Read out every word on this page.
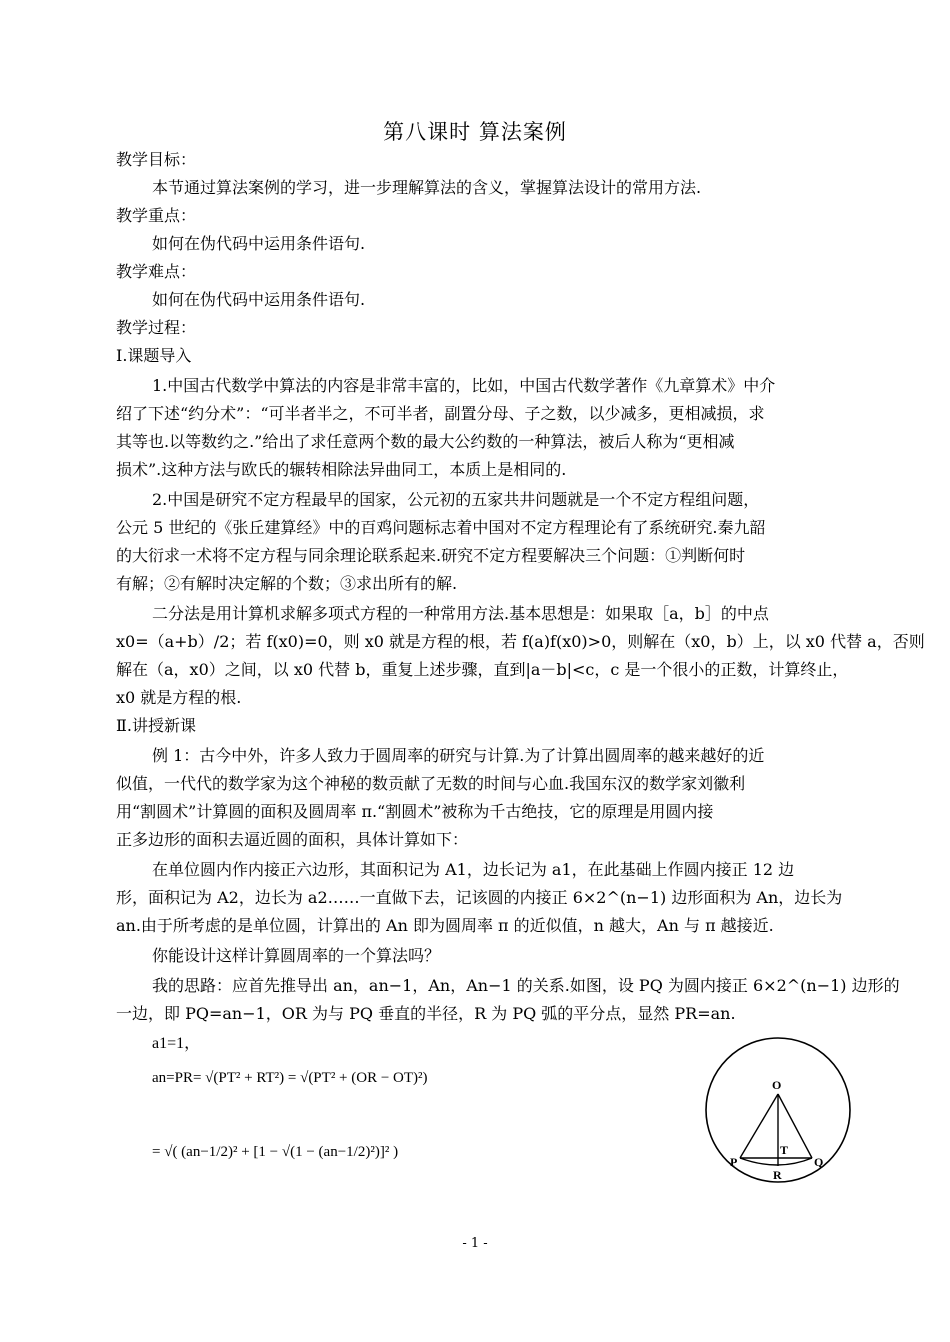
第八课时 算法案例
教学目标：
本节通过算法案例的学习，进一步理解算法的含义，掌握算法设计的常用方法.
教学重点：
如何在伪代码中运用条件语句.
教学难点：
如何在伪代码中运用条件语句.
教学过程：
Ⅰ.课题导入
1.中国古代数学中算法的内容是非常丰富的，比如，中国古代数学著作《九章算术》中介
绍了下述“约分术”：“可半者半之，不可半者，副置分母、子之数，以少减多，更相减损，求
其等也.以等数约之.”给出了求任意两个数的最大公约数的一种算法，被后人称为“更相减
损术”.这种方法与欧氏的辗转相除法异曲同工，本质上是相同的.
2.中国是研究不定方程最早的国家，公元初的五家共井问题就是一个不定方程组问题，
公元 5 世纪的《张丘建算经》中的百鸡问题标志着中国对不定方程理论有了系统研究.秦九韶
的大衍求一术将不定方程与同余理论联系起来.研究不定方程要解决三个问题：①判断何时
有解；②有解时决定解的个数；③求出所有的解.
二分法是用计算机求解多项式方程的一种常用方法.基本思想是：如果取［a，b］的中点
x0=（a+b）/2；若 f(x0)=0，则 x0 就是方程的根，若 f(a)f(x0)>0，则解在（x0，b）上，以 x0 代替 a，否则
解在（a，x0）之间，以 x0 代替 b，重复上述步骤，直到|a－b|<c，c 是一个很小的正数，计算终止，
x0 就是方程的根.
Ⅱ.讲授新课
例 1：古今中外，许多人致力于圆周率的研究与计算.为了计算出圆周率的越来越好的近
似值，一代代的数学家为这个神秘的数贡献了无数的时间与心血.我国东汉的数学家刘徽利
用“割圆术”计算圆的面积及圆周率 π.“割圆术”被称为千古绝技，它的原理是用圆内接
正多边形的面积去逼近圆的面积，具体计算如下：
在单位圆内作内接正六边形，其面积记为 A1，边长记为 a1，在此基础上作圆内接正 12 边
形，面积记为 A2，边长为 a2……一直做下去，记该圆的内接正 6×2^(n−1) 边形面积为 An，边长为
an.由于所考虑的是单位圆，计算出的 An 即为圆周率 π 的近似值，n 越大，An 与 π 越接近.
你能设计这样计算圆周率的一个算法吗？
我的思路：应首先推导出 an，an−1，An，An−1 的关系.如图，设 PQ 为圆内接正 6×2^(n−1) 边形的
一边，即 PQ=an−1，OR 为与 PQ 垂直的半径，R 为 PQ 弧的平分点，显然 PR=an.
a1=1，
an=PR= √(PT² + RT²) = √(PT² + (OR − OT)²)
= √( (an−1/2)² + [1 − √(1 − (an−1/2)²)]² )
O
T
P	Q
R
- 1 -
